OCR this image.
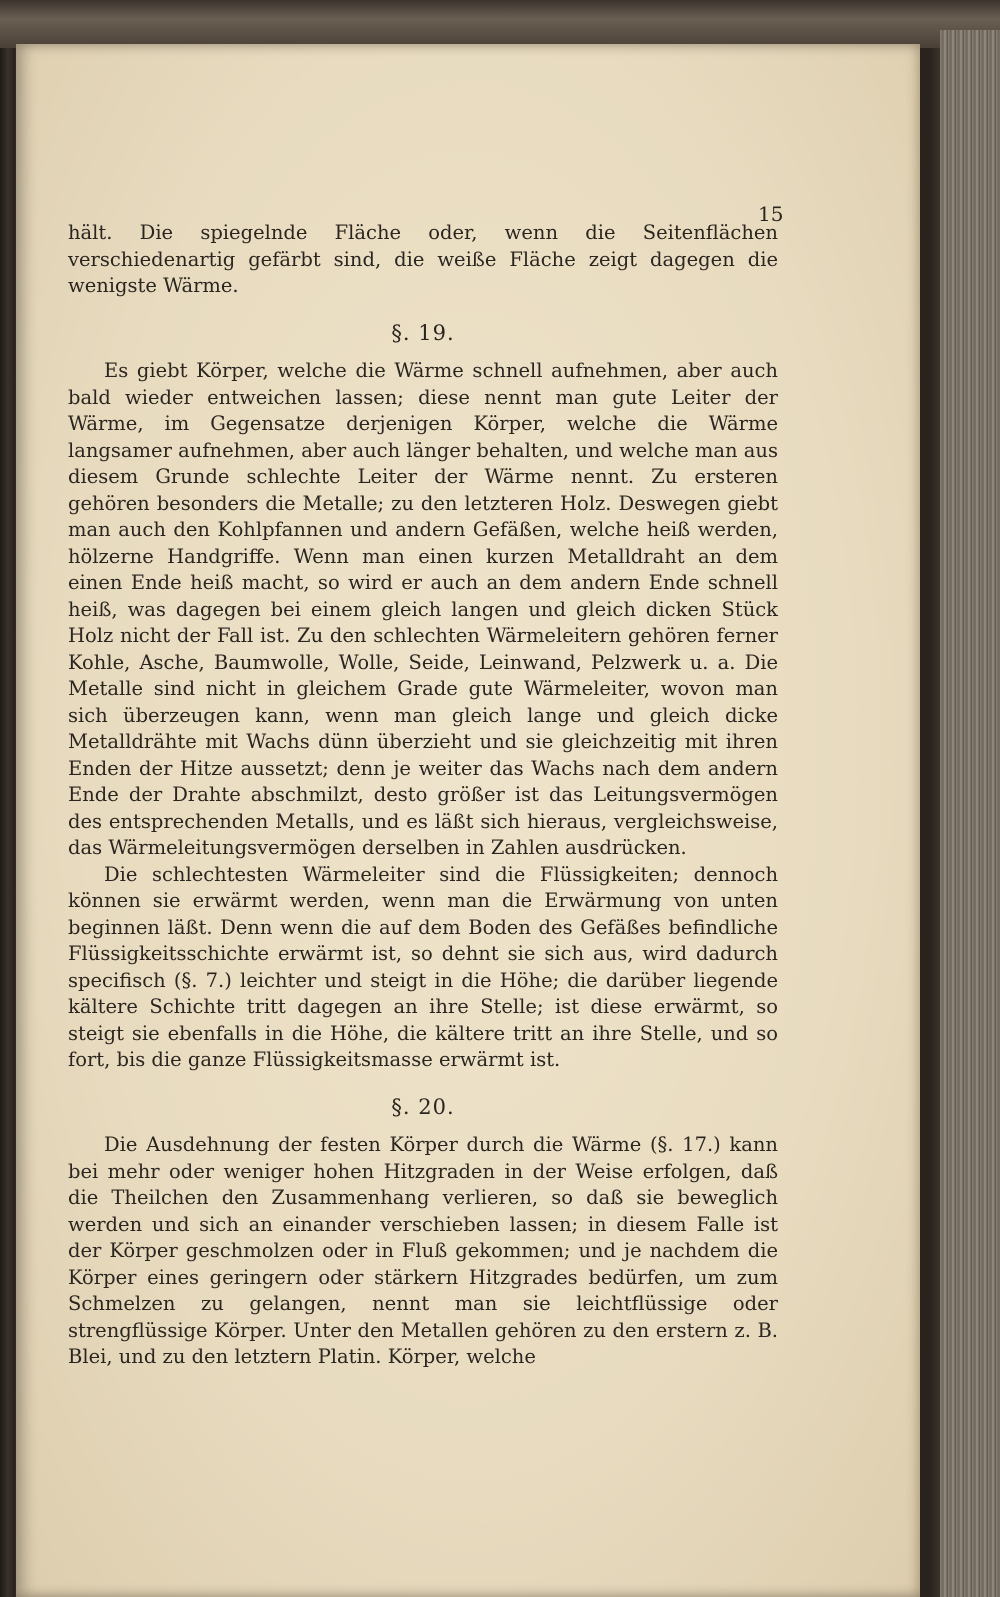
15

hält. Die spiegelnde Fläche oder, wenn die Seitenflächen verschiedenartig gefärbt sind, die weiße Fläche zeigt dagegen die wenigste Wärme.

§. 19.

Es giebt Körper, welche die Wärme schnell aufnehmen, aber auch bald wieder entweichen lassen; diese nennt man gute Leiter der Wärme, im Gegensatze derjenigen Körper, welche die Wärme langsamer aufnehmen, aber auch länger behalten, und welche man aus diesem Grunde schlechte Leiter der Wärme nennt. Zu ersteren gehören besonders die Metalle; zu den letzteren Holz. Deswegen giebt man auch den Kohlpfannen und andern Gefäßen, welche heiß werden, hölzerne Handgriffe. Wenn man einen kurzen Metalldraht an dem einen Ende heiß macht, so wird er auch an dem andern Ende schnell heiß, was dagegen bei einem gleich langen und gleich dicken Stück Holz nicht der Fall ist. Zu den schlechten Wärmeleitern gehören ferner Kohle, Asche, Baumwolle, Wolle, Seide, Leinwand, Pelzwerk u. a. Die Metalle sind nicht in gleichem Grade gute Wärmeleiter, wovon man sich überzeugen kann, wenn man gleich lange und gleich dicke Metalldrähte mit Wachs dünn überzieht und sie gleichzeitig mit ihren Enden der Hitze aussetzt; denn je weiter das Wachs nach dem andern Ende der Drahte abschmilzt, desto größer ist das Leitungsvermögen des entsprechenden Metalls, und es läßt sich hieraus, vergleichsweise, das Wärmeleitungsvermögen derselben in Zahlen ausdrücken.

Die schlechtesten Wärmeleiter sind die Flüssigkeiten; dennoch können sie erwärmt werden, wenn man die Erwärmung von unten beginnen läßt. Denn wenn die auf dem Boden des Gefäßes befindliche Flüssigkeitsschichte erwärmt ist, so dehnt sie sich aus, wird dadurch specifisch (§. 7.) leichter und steigt in die Höhe; die darüber liegende kältere Schichte tritt dagegen an ihre Stelle; ist diese erwärmt, so steigt sie ebenfalls in die Höhe, die kältere tritt an ihre Stelle, und so fort, bis die ganze Flüssigkeitsmasse erwärmt ist.

§. 20.

Die Ausdehnung der festen Körper durch die Wärme (§. 17.) kann bei mehr oder weniger hohen Hitzgraden in der Weise erfolgen, daß die Theilchen den Zusammenhang verlieren, so daß sie beweglich werden und sich an einander verschieben lassen; in diesem Falle ist der Körper geschmolzen oder in Fluß gekommen; und je nachdem die Körper eines geringern oder stärkern Hitzgrades bedürfen, um zum Schmelzen zu gelangen, nennt man sie leichtflüssige oder strengflüssige Körper. Unter den Metallen gehören zu den erstern z. B. Blei, und zu den letztern Platin. Körper, welche
